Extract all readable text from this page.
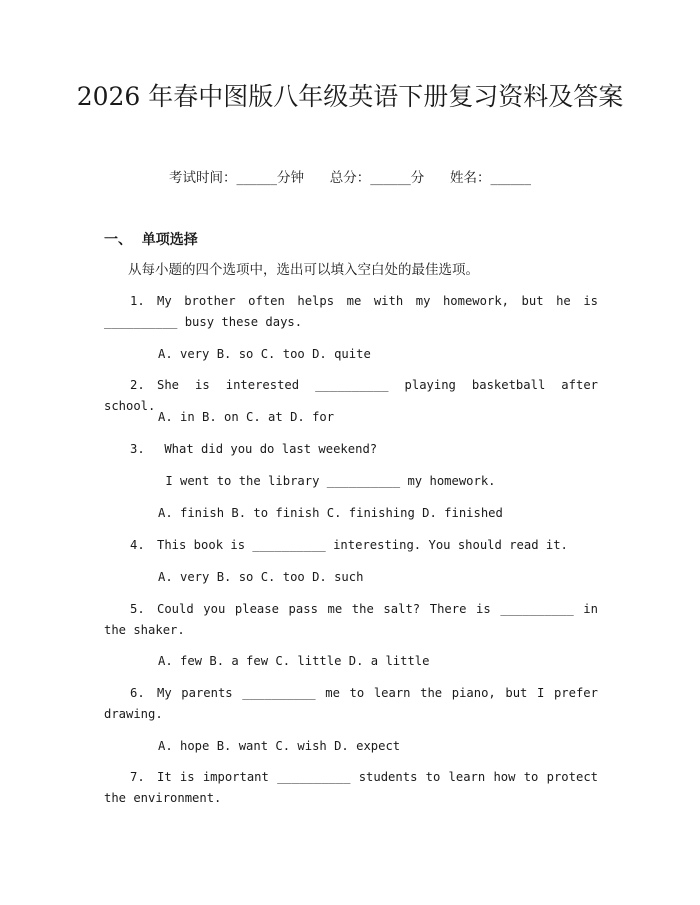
2026 年春中图版八年级英语下册复习资料及答案
考试时间：______分钟      总分：______分      姓名：______
一、  单项选择
从每小题的四个选项中，选出可以填入空白处的最佳选项。

1. My brother often helps me with my homework, but he is __________ busy these days.

A. very B. so C. too D. quite

2. She is interested __________ playing basketball after school.

A. in B. on C. at D. for

3. What did you do last weekend?

I went to the library __________ my homework.
A. finish B. to finish C. finishing D. finished

4. This book is __________ interesting. You should read it.

A. very B. so C. too D. such

5. Could you please pass me the salt? There is __________ in the shaker.

A. few B. a few C. little D. a little

6. My parents __________ me to learn the piano, but I prefer drawing.

A. hope B. want C. wish D. expect

7. It is important __________ students to learn how to protect the environment.
